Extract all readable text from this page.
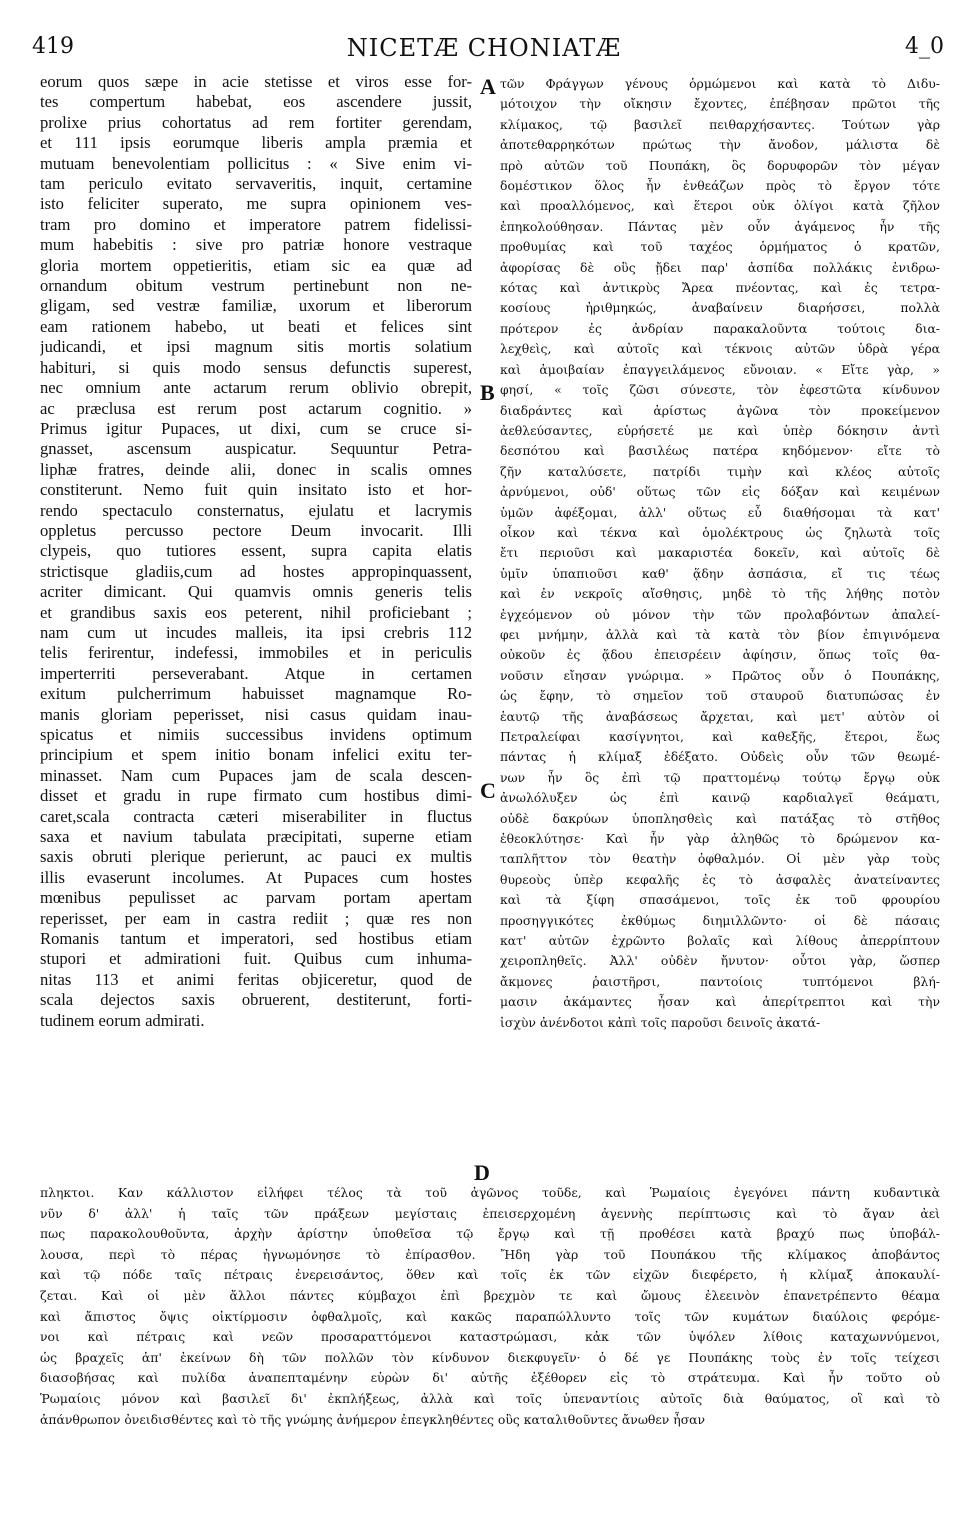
419	NICETÆ CHONIATÆ	4_0
eorum quos sæpe in acie stetisse et viros esse for-
tes compertum habebat, eos ascendere jussit,
prolixe prius cohortatus ad rem fortiter gerendam,
et 111 ipsis eorumque liberis ampla præmia et
mutuam benevolentiam pollicitus : « Sive enim vi-
tam periculo evitato servaveritis, inquit, certamine
isto feliciter superato, me supra opinionem ves-
tram pro domino et imperatore patrem fidelissi-
mum habebitis : sive pro patriæ honore vestraque
gloria mortem oppetieritis, etiam sic ea quæ ad
ornandum obitum vestrum pertinebunt non ne-
gligam, sed vestræ familiæ, uxorum et liberorum
eam rationem habebo, ut beati et felices sint
judicandi, et ipsi magnum sitis mortis solatium
habituri, si quis modo sensus defunctis superest,
nec omnium ante actarum rerum oblivio obrepit,
ac præclusa est rerum post actarum cognitio. »
Primus igitur Pupaces, ut dixi, cum se cruce si-
gnasset, ascensum auspicatur. Sequuntur Petra-
liphæ fratres, deinde alii, donec in scalis omnes
constiterunt. Nemo fuit quin insitato isto et hor-
rendo spectaculo consternatus, ejulatu et lacrymis
oppletus percusso pectore Deum invocarit. Illi
clypeis, quo tutiores essent, supra capita elatis
strictisque gladiis,cum ad hostes appropinquassent,
acriter dimicant. Qui quamvis omnis generis telis
et grandibus saxis eos peterent, nihil proficiebant ;
nam cum ut incudes malleis, ita ipsi crebris 112
telis ferirentur, indefessi, immobiles et in periculis
imperterriti perseverabant. Atque in certamen
exitum pulcherrimum habuisset magnamque Ro-
manis gloriam peperisset, nisi casus quidam inau-
spicatus et nimiis successibus invidens optimum
principium et spem initio bonam infelici exitu ter-
minasset. Nam cum Pupaces jam de scala descen-
disset et gradu in rupe firmato cum hostibus dimi-
caret,scala contracta cæteri miserabiliter in fluctus
saxa et navium tabulata præcipitati, superne etiam
saxis obruti plerique perierunt, ac pauci ex multis
illis evaserunt incolumes. At Pupaces cum hostes
mœnibus pepulisset ac parvam portam apertam
reperisset, per eam in castra rediit ; quæ res non
Romanis tantum et imperatori, sed hostibus etiam
stupori et admirationi fuit. Quibus cum inhuma-
nitas 113 et animi feritas objiceretur, quod de
scala dejectos saxis obruerent, destiterunt, forti-
tudinem eorum admirati.
τῶν Φράγγων γένους ὁρμώμενοι καὶ κατὰ τὸ Διδυ-
μότοιχον τὴν οἴκησιν ἔχοντες, ἐπέβησαν πρῶτοι τῆς
κλίμακος, τῷ βασιλεῖ πειθαρχήσαντες. Τούτων γὰρ
ἀποτεθαρρηκότων πρώτως τὴν ἄνοδον, μάλιστα δὲ
πρὸ αὐτῶν τοῦ Πουπάκη, ὃς δορυφορῶν τὸν μέγαν
δομέστικον ὅλος ἦν ἐνθεάζων πρὸς τὸ ἔργον τότε
καὶ προαλλόμενος, καὶ ἕτεροι οὐκ ὀλίγοι κατὰ ζῆλον
ἐπηκολούθησαν. Πάντας μὲν οὖν ἀγάμενος ἦν τῆς
προθυμίας καὶ τοῦ ταχέος ὁρμήματος ὁ κρατῶν,
ἀφορίσας δὲ οὓς ᾔδει παρ' ἀσπίδα πολλάκις ἐνιδρω-
κότας καὶ ἀντικρὺς Ἄρεα πνέοντας, καὶ ἐς τετρα-
κοσίους ἠριθμηκώς, ἀναβαίνειν διαρήσσει, πολλὰ
πρότερον ἐς ἀνδρίαν παρακαλοῦντα τούτοις δια-
λεχθεὶς, καὶ αὐτοῖς καὶ τέκνοις αὐτῶν ὑδρὰ γέρα
καὶ ἀμοιβαίαν ἐπαγγειλάμενος εὔνοιαν. « Εἴτε γὰρ, »
φησί, « τοῖς ζῶσι σύνεστε, τὸν ἐφεστῶτα κίνδυνον
διαδράντες καὶ ἀρίστως ἀγῶνα τὸν προκείμενον
ἀεθλεύσαντες, εὑρήσετέ με καὶ ὑπὲρ δόκησιν ἀντὶ
δεσπότου καὶ βασιλέως πατέρα κηδόμενον· εἴτε τὸ
ζῆν καταλύσετε, πατρίδι τιμὴν καὶ κλέος αὐτοῖς
ἀρνύμενοι, οὐδ' οὕτως τῶν εἰς δόξαν καὶ κειμένων
ὑμῶν ἀφέξομαι, ἀλλ' οὕτως εὖ διαθήσομαι τὰ κατ'
οἶκον καὶ τέκνα καὶ ὁμολέκτρους ὡς ζηλωτὰ τοῖς
ἔτι περιοῦσι καὶ μακαριστέα δοκεῖν, καὶ αὐτοῖς δὲ
ὑμῖν ὑπαπιοῦσι καθ' ᾅδην ἀσπάσια, εἴ τις τέως
καὶ ἐν νεκροῖς αἴσθησις, μηδὲ τὸ τῆς λήθης ποτὸν
ἐγχεόμενον οὐ μόνον τὴν τῶν προλαβόντων ἀπαλεί-
φει μνήμην, ἀλλὰ καὶ τὰ κατὰ τὸν βίον ἐπιγινόμενα
οὐκοῦν ἐς ᾅδου ἐπεισρέειν ἀφίησιν, ὅπως τοῖς θα-
νοῦσιν εἴησαν γνώριμα. » Πρῶτος οὖν ὁ Πουπάκης,
ὡς ἔφην, τὸ σημεῖον τοῦ σταυροῦ διατυπώσας ἐν
ἑαυτῷ τῆς ἀναβάσεως ἄρχεται, καὶ μετ' αὐτὸν οἱ
Πετραλείφαι κασίγνητοι, καὶ καθεξῆς, ἕτεροι, ἕως
πάντας ἡ κλίμαξ ἐδέξατο. Οὐδεὶς οὖν τῶν θεωμέ-
νων ἦν ὃς ἐπὶ τῷ πραττομένῳ τούτῳ ἔργῳ οὐκ
ἀνωλόλυξεν ὡς ἐπὶ καινῷ καρδιαλγεῖ θεάματι,
οὐδὲ δακρύων ὑποπλησθεὶς καὶ πατάξας τὸ στῆθος
ἐθεοκλύτησε· Καὶ ἦν γὰρ ἀληθῶς τὸ δρώμενον κα-
ταπλῆττον τὸν θεατὴν ὀφθαλμόν. Οἱ μὲν γὰρ τοὺς
θυρεοὺς ὑπὲρ κεφαλῆς ἐς τὸ ἀσφαλὲς ἀνατείναντες
καὶ τὰ ξίφη σπασάμενοι, τοῖς ἐκ τοῦ φρουρίου
προσηγγικότες ἐκθύμως διημιλλῶντο· οἱ δὲ πάσαις
κατ' αὐτῶν ἐχρῶντο βολαῖς καὶ λίθους ἀπερρίπτουν
χειροπληθεῖς. Ἀλλ' οὐδὲν ἤνυτον· οὗτοι γὰρ, ὥσπερ
ἄκμονες ῥαιστῆρσι, παντοίοις τυπτόμενοι βλή-
μασιν ἀκάμαντες ἦσαν καὶ ἀπερίτρεπτοι καὶ τὴν
ἰσχὺν ἀνένδοτοι κἀπὶ τοῖς παροῦσι δεινοῖς ἀκατά-
πληκτοι. Καν κάλλιστον εἰλήφει τέλος τὰ τοῦ ἀγῶνος τοῦδε, καὶ Ῥωμαίοις ἐγεγόνει πάντη κυδαντικὰ
νῦν δ' ἀλλ' ἡ ταῖς τῶν πράξεων μεγίσταις ἐπεισερχομένη ἀγεννὴς περίπτωσις καὶ τὸ ἄγαν ἀεὶ
πως παρακολουθοῦντα, ἀρχὴν ἀρίστην ὑποθεῖσα τῷ ἔργῳ καὶ τῇ προθέσει κατὰ βραχύ πως ὑποβάλ-
λουσα, περὶ τὸ πέρας ἠγνωμόνησε τὸ ἐπίρασθον. Ἤδη γὰρ τοῦ Πουπάκου τῆς κλίμακος ἀποβάντος
καὶ τῷ πόδε ταῖς πέτραις ἐνερεισάντος, ὅθεν καὶ τοῖς ἐκ τῶν εἰχῶν διεφέρετο, ἡ κλίμαξ ἀποκαυλί-
ζεται. Καὶ οἱ μὲν ἄλλοι πάντες κύμβαχοι ἐπὶ βρεχμὸν τε καὶ ὤμους ἐλεεινὸν ἐπανετρέπεντο θέαμα
καὶ ἄπιστος ὄψις οἰκτίρμοσιν ὀφθαλμοῖς, καὶ κακῶς παραπώλλυντο τοῖς τῶν κυμάτων διαύλοις φερόμε-
νοι καὶ πέτραις καὶ νεῶν προσαραττόμενοι καταστρώμασι, κἀκ τῶν ὑψόλεν λίθοις καταχωννύμενοι,
ὡς βραχεῖς ἀπ' ἐκείνων δὴ τῶν πολλῶν τὸν κίνδυνον διεκφυγεῖν· ὁ δέ γε Πουπάκης τοὺς ἐν τοῖς τείχεσι
διασοβήσας καὶ πυλίδα ἀναπεπταμένην εὑρὼν δι' αὐτῆς ἐξέθορεν εἰς τὸ στράτευμα. Καὶ ἦν τοῦτο οὐ
Ῥωμαίοις μόνον καὶ βασιλεῖ δι' ἐκπλήξεως, ἀλλὰ καὶ τοῖς ὑπεναντίοις αὐτοῖς διὰ θαύματος, οἳ καὶ τὸ
ἀπάνθρωπον ὀνειδισθέντες καὶ τὸ τῆς γνώμης ἀνήμερον ἐπεγκληθέντες οὓς καταλιθοῦντες ἄνωθεν ἦσαν
A
B
C
D
